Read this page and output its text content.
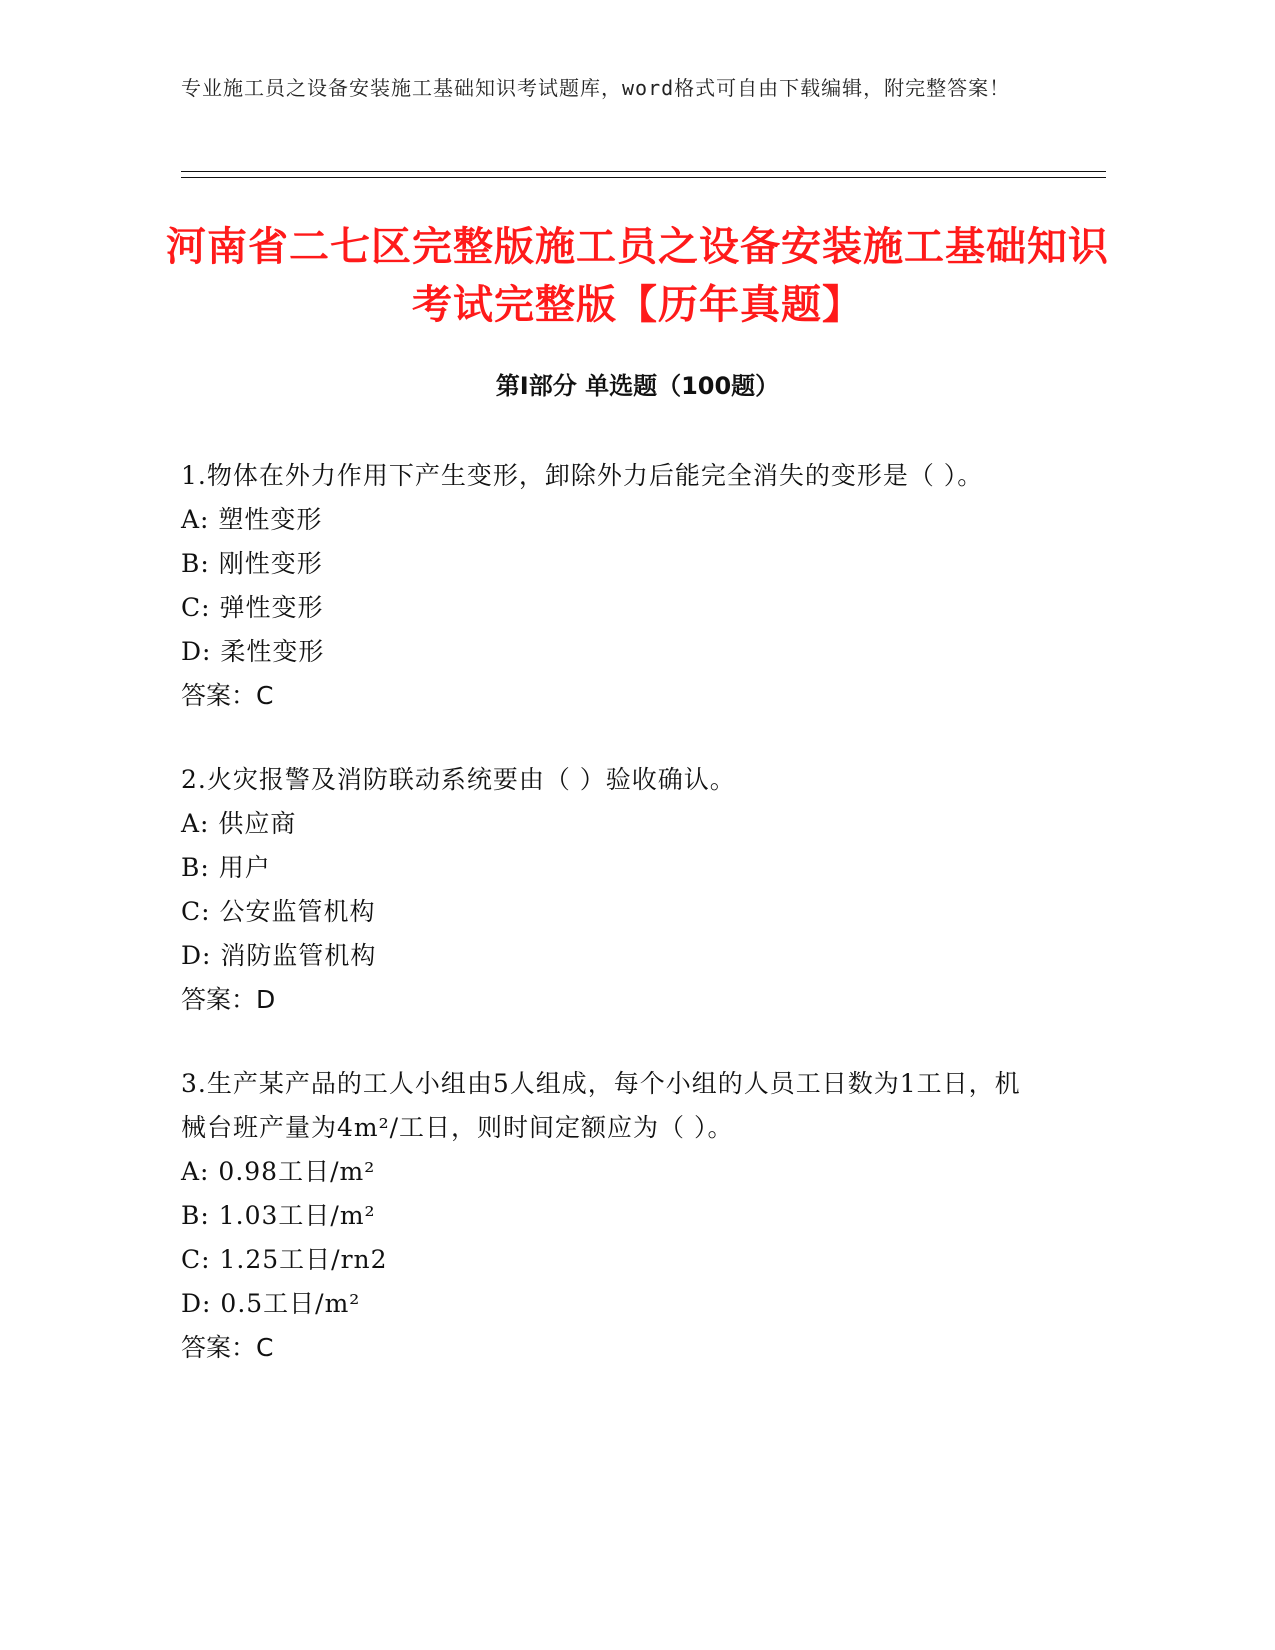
专业施工员之设备安装施工基础知识考试题库，word格式可自由下载编辑，附完整答案！
河南省二七区完整版施工员之设备安装施工基础知识考试完整版【历年真题】
第Ⅰ部分 单选题（100题）
1.物体在外力作用下产生变形，卸除外力后能完全消失的变形是（ ）。
A: 塑性变形
B: 刚性变形
C: 弹性变形
D: 柔性变形
答案：C
2.火灾报警及消防联动系统要由（ ）验收确认。
A: 供应商
B: 用户
C: 公安监管机构
D: 消防监管机构
答案：D
3.生产某产品的工人小组由5人组成，每个小组的人员工日数为1工日，机械台班产量为4m²/工日，则时间定额应为（ ）。
A: 0.98工日/m²
B: 1.03工日/m²
C: 1.25工日/rn2
D: 0.5工日/m²
答案：C
